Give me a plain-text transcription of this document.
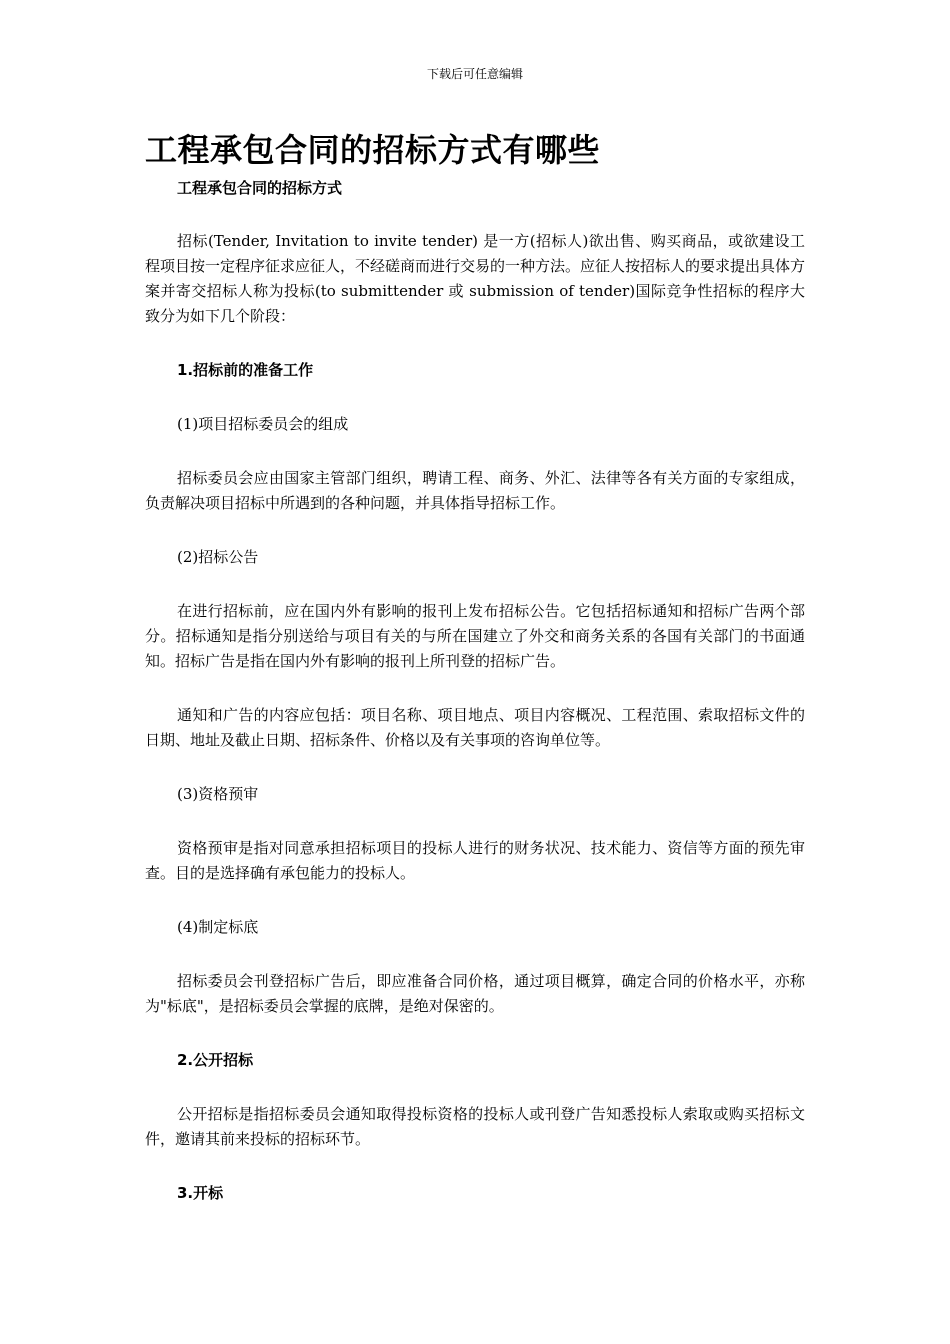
下载后可任意编辑
工程承包合同的招标方式有哪些

工程承包合同的招标方式

招标(Tender, Invitation to invite tender) 是一方(招标人)欲出售、购买商品，或欲建设工程项目按一定程序征求应征人，不经磋商而进行交易的一种方法。应征人按招标人的要求提出具体方案并寄交招标人称为投标(to submittender 或 submission of tender)国际竞争性招标的程序大致分为如下几个阶段：

1.招标前的准备工作

(1)项目招标委员会的组成

招标委员会应由国家主管部门组织，聘请工程、商务、外汇、法律等各有关方面的专家组成，负责解决项目招标中所遇到的各种问题，并具体指导招标工作。

(2)招标公告

在进行招标前，应在国内外有影响的报刊上发布招标公告。它包括招标通知和招标广告两个部分。招标通知是指分别送给与项目有关的与所在国建立了外交和商务关系的各国有关部门的书面通知。招标广告是指在国内外有影响的报刊上所刊登的招标广告。

通知和广告的内容应包括：项目名称、项目地点、项目内容概况、工程范围、索取招标文件的日期、地址及截止日期、招标条件、价格以及有关事项的咨询单位等。

(3)资格预审

资格预审是指对同意承担招标项目的投标人进行的财务状况、技术能力、资信等方面的预先审查。目的是选择确有承包能力的投标人。

(4)制定标底

招标委员会刊登招标广告后，即应准备合同价格，通过项目概算，确定合同的价格水平，亦称为"标底"，是招标委员会掌握的底牌，是绝对保密的。

2.公开招标

公开招标是指招标委员会通知取得投标资格的投标人或刊登广告知悉投标人索取或购买招标文件，邀请其前来投标的招标环节。

3.开标
